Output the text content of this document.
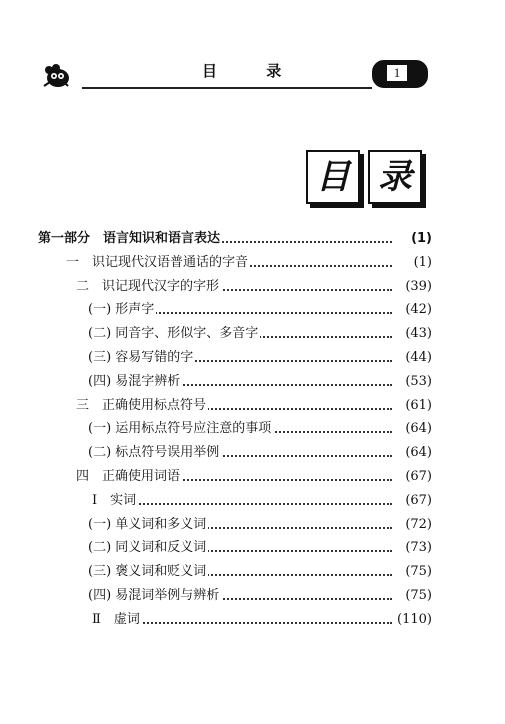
目 录	1
目 录
第一部分　语言知识和语言表达	(1)
一　识记现代汉语普通话的字音	(1)
二　识记现代汉字的字形	(39)
(一) 形声字	(42)
(二) 同音字、形似字、多音字	(43)
(三) 容易写错的字	(44)
(四) 易混字辨析	(53)
三　正确使用标点符号	(61)
(一) 运用标点符号应注意的事项	(64)
(二) 标点符号误用举例	(64)
四　正确使用词语	(67)
Ⅰ　实词	(67)
(一) 单义词和多义词	(72)
(二) 同义词和反义词	(73)
(三) 褒义词和贬义词	(75)
(四) 易混词举例与辨析	(75)
Ⅱ　虚词	(110)
